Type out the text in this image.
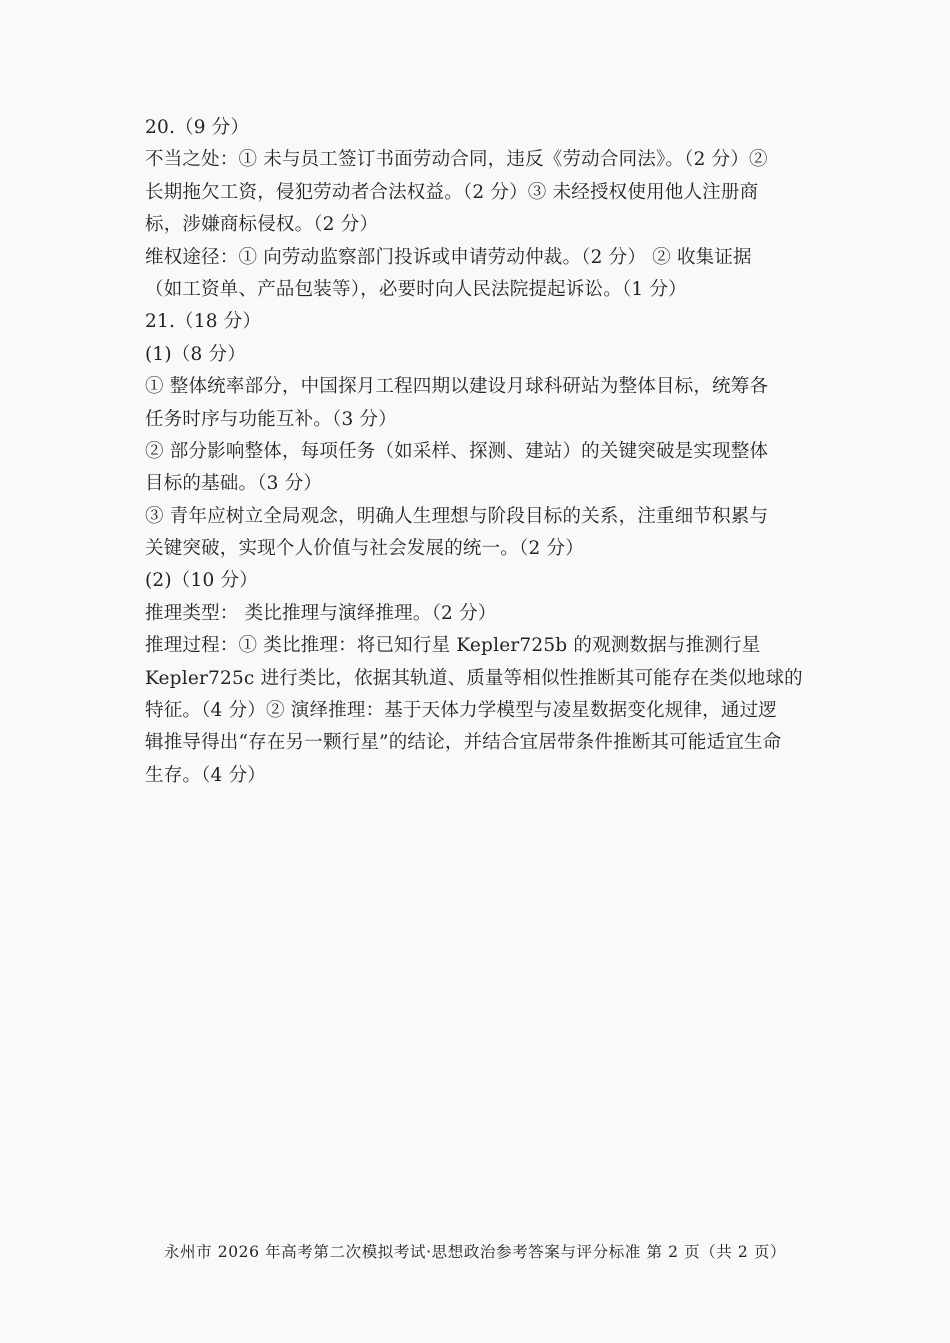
20.（9 分）
不当之处：① 未与员工签订书面劳动合同，违反《劳动合同法》。（2 分）②
长期拖欠工资，侵犯劳动者合法权益。（2 分）③ 未经授权使用他人注册商
标，涉嫌商标侵权。（2 分）
维权途径：① 向劳动监察部门投诉或申请劳动仲裁。（2 分） ② 收集证据
（如工资单、产品包装等），必要时向人民法院提起诉讼。（1 分）
21.（18 分）
(1)（8 分）
① 整体统率部分，中国探月工程四期以建设月球科研站为整体目标，统筹各
任务时序与功能互补。（3 分）
② 部分影响整体，每项任务（如采样、探测、建站）的关键突破是实现整体
目标的基础。（3 分）
③ 青年应树立全局观念，明确人生理想与阶段目标的关系，注重细节积累与
关键突破，实现个人价值与社会发展的统一。（2 分）
(2)（10 分）
推理类型： 类比推理与演绎推理。（2 分）
推理过程：① 类比推理：将已知行星 Kepler725b 的观测数据与推测行星
Kepler725c 进行类比，依据其轨道、质量等相似性推断其可能存在类似地球的
特征。（4 分）② 演绎推理：基于天体力学模型与凌星数据变化规律，通过逻
辑推导得出“存在另一颗行星”的结论，并结合宜居带条件推断其可能适宜生命
生存。（4 分）
永州市 2026 年高考第二次模拟考试·思想政治参考答案与评分标准 第 2 页（共 2 页）
